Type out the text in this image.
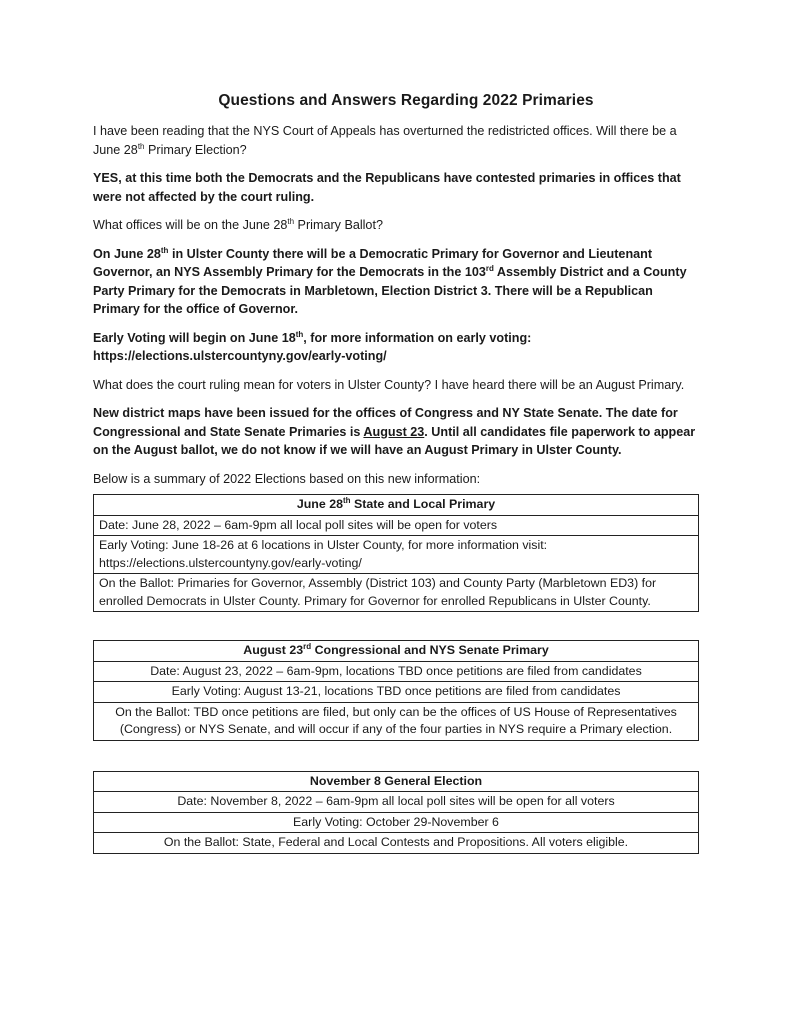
Questions and Answers Regarding 2022 Primaries

I have been reading that the NYS Court of Appeals has overturned the redistricted offices. Will there be a June 28th Primary Election?

YES, at this time both the Democrats and the Republicans have contested primaries in offices that were not affected by the court ruling.

What offices will be on the June 28th Primary Ballot?

On June 28th in Ulster County there will be a Democratic Primary for Governor and Lieutenant Governor, an NYS Assembly Primary for the Democrats in the 103rd Assembly District and a County Party Primary for the Democrats in Marbletown, Election District 3. There will be a Republican Primary for the office of Governor.

Early Voting will begin on June 18th, for more information on early voting: https://elections.ulstercountyny.gov/early-voting/

What does the court ruling mean for voters in Ulster County? I have heard there will be an August Primary.

New district maps have been issued for the offices of Congress and NY State Senate. The date for Congressional and State Senate Primaries is August 23. Until all candidates file paperwork to appear on the August ballot, we do not know if we will have an August Primary in Ulster County.

Below is a summary of 2022 Elections based on this new information:

June 28th State and Local Primary
Date: June 28, 2022 – 6am-9pm all local poll sites will be open for voters
Early Voting: June 18-26 at 6 locations in Ulster County, for more information visit: https://elections.ulstercountyny.gov/early-voting/
On the Ballot: Primaries for Governor, Assembly (District 103) and County Party (Marbletown ED3) for enrolled Democrats in Ulster County. Primary for Governor for enrolled Republicans in Ulster County.
August 23rd Congressional and NYS Senate Primary
Date: August 23, 2022 – 6am-9pm, locations TBD once petitions are filed from candidates
Early Voting: August 13-21, locations TBD once petitions are filed from candidates
On the Ballot: TBD once petitions are filed, but only can be the offices of US House of Representatives (Congress) or NYS Senate, and will occur if any of the four parties in NYS require a Primary election.
November 8 General Election
Date: November 8, 2022 – 6am-9pm all local poll sites will be open for all voters
Early Voting: October 29-November 6
On the Ballot: State, Federal and Local Contests and Propositions. All voters eligible.
